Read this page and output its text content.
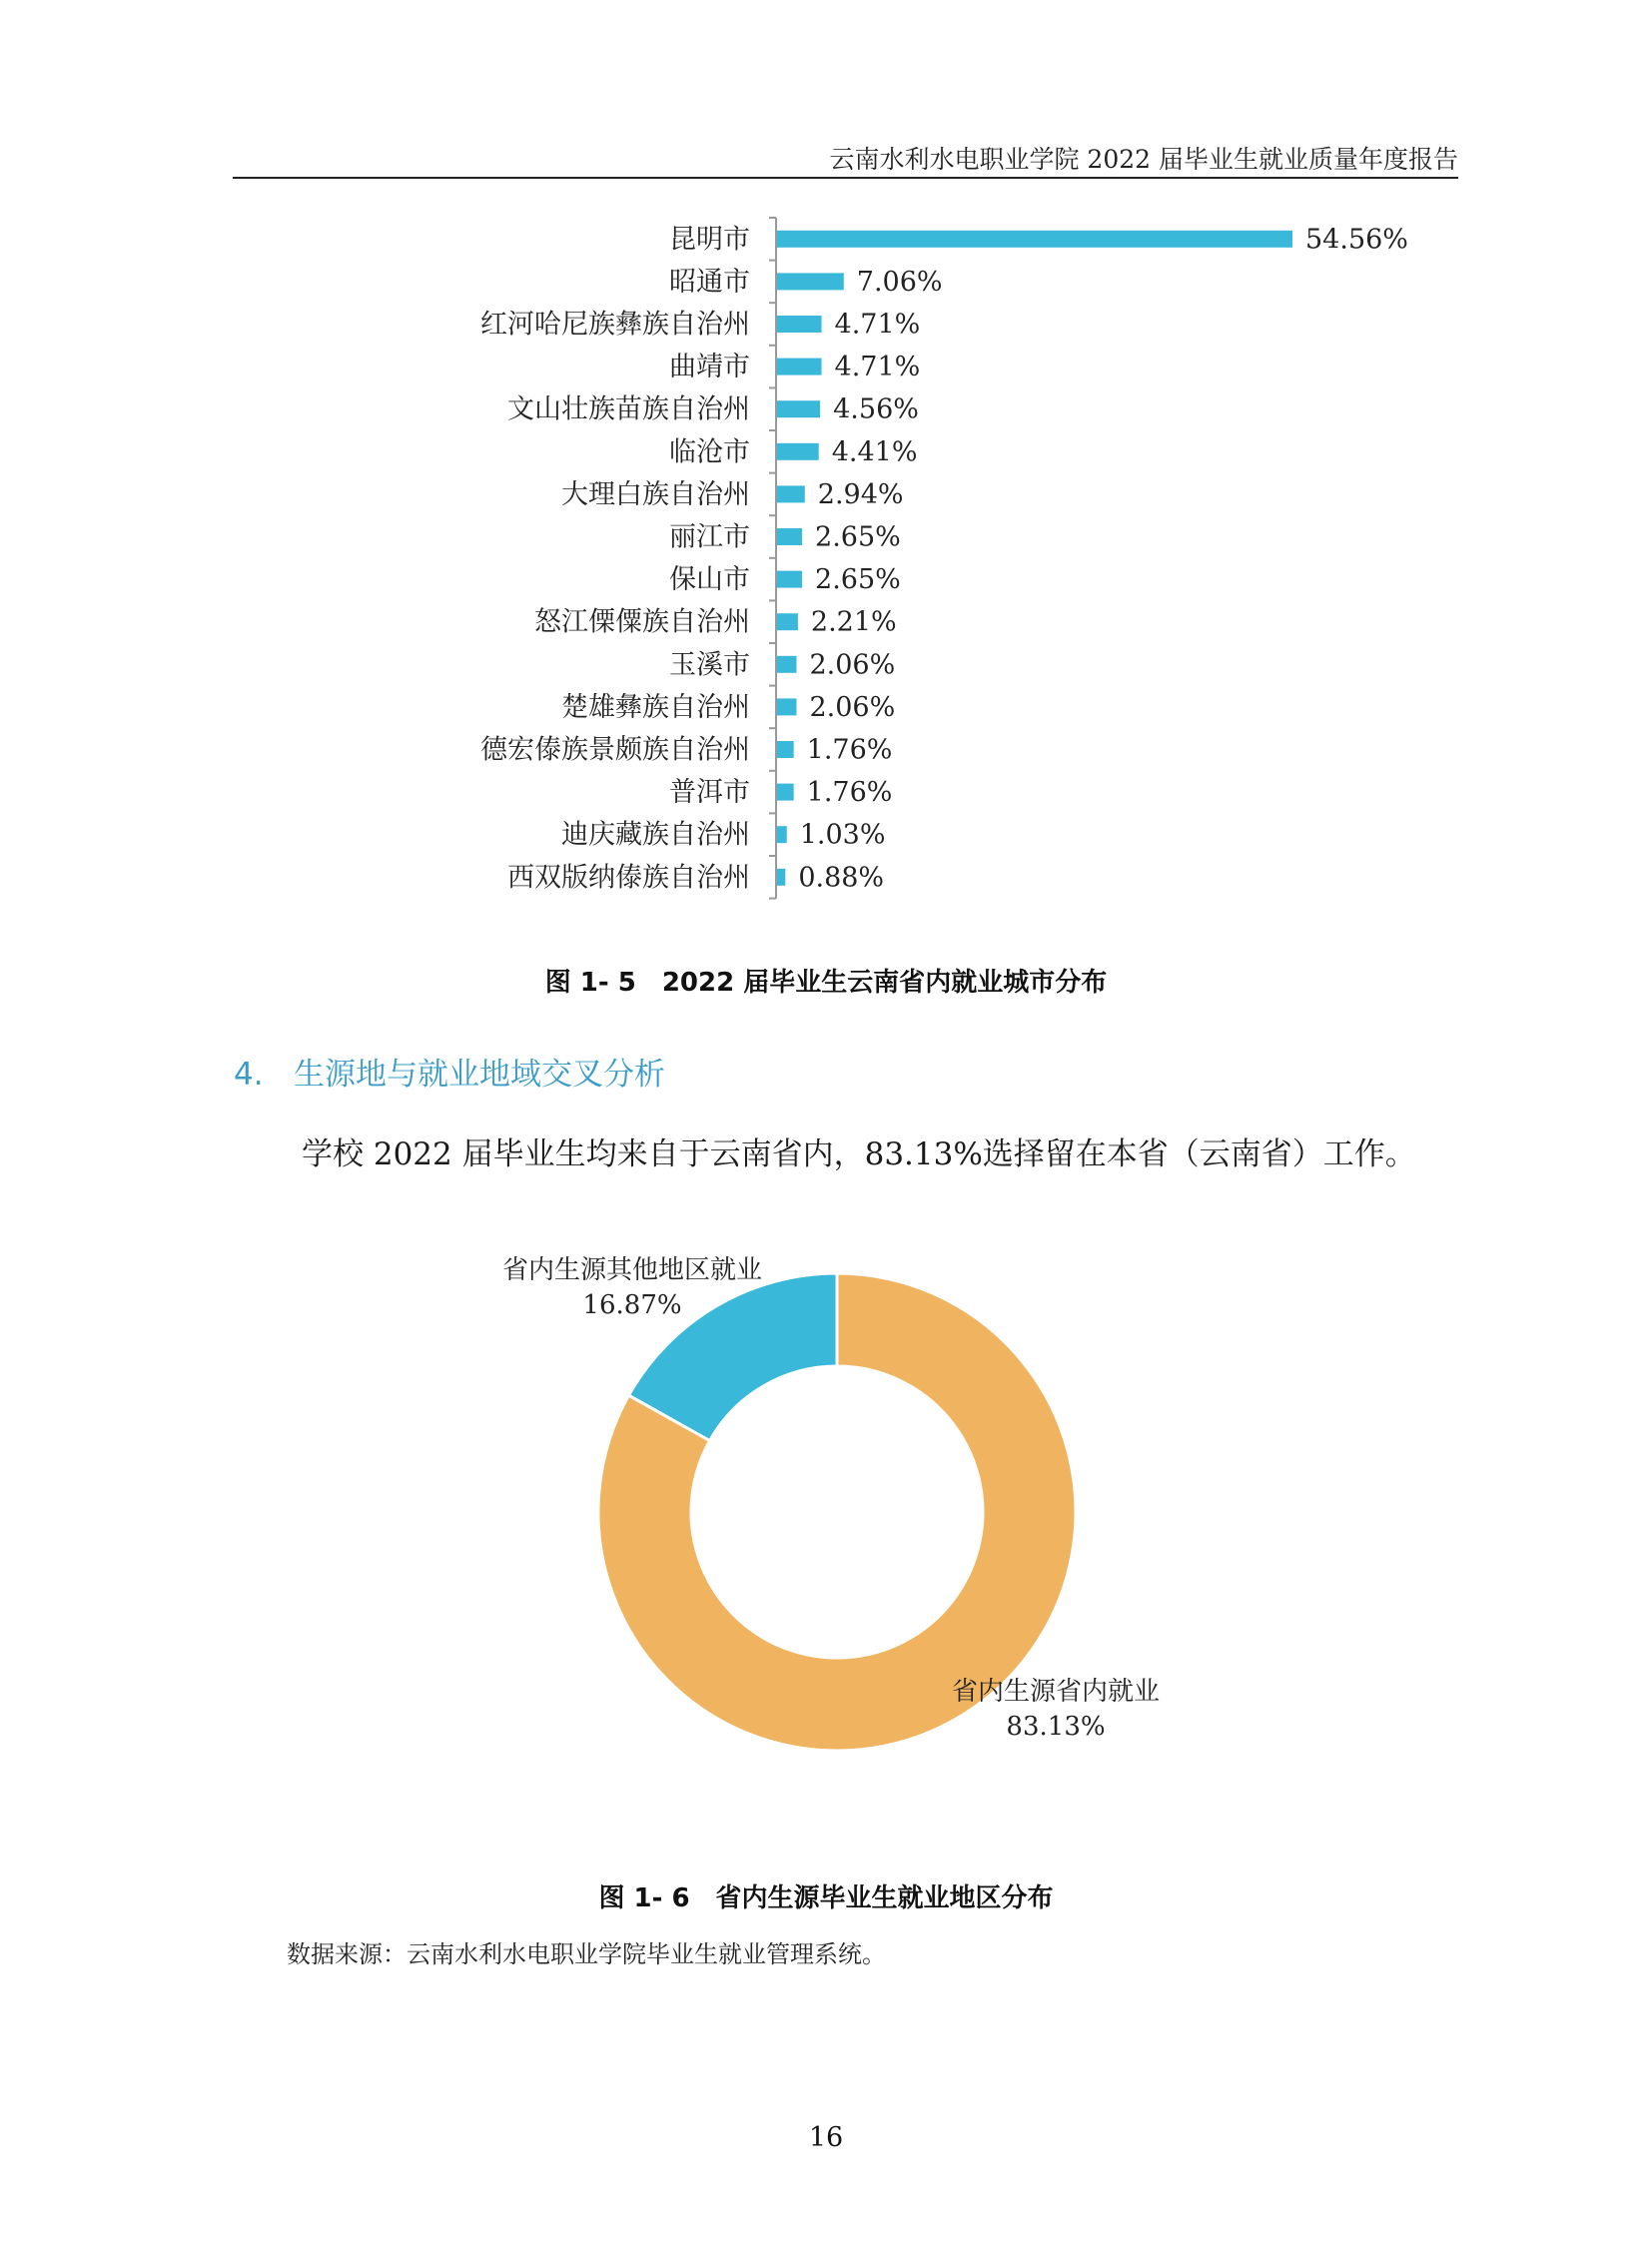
云南水利水电职业学院 2022 届毕业生就业质量年度报告
昆明市	54.56%
昭通市	7.06%
红河哈尼族彝族自治州	4.71%
曲靖市	4.71%
文山壮族苗族自治州	4.56%
临沧市	4.41%
大理白族自治州	2.94%
丽江市 2.65%
保山市 2.65%
怒江傈僳族自治州 2.21%
玉溪市 2.06%
楚雄彝族自治州 2.06%
德宏傣族景颇族自治州 1.76%
普洱市 1.76%
迪庆藏族自治州 1.03%
西双版纳傣族自治州 0.88%
图 1- 5　2022 届毕业生云南省内就业城市分布
4. 生源地与就业地域交叉分析
学校 2022 届毕业生均来自于云南省内，83.13%选择留在本省（云南省）工作。
省内生源省内就业
83.13%
省内生源其他地区就业
16.87%
图 1- 6　省内生源毕业生就业地区分布
数据来源：云南水利水电职业学院毕业生就业管理系统。
16
